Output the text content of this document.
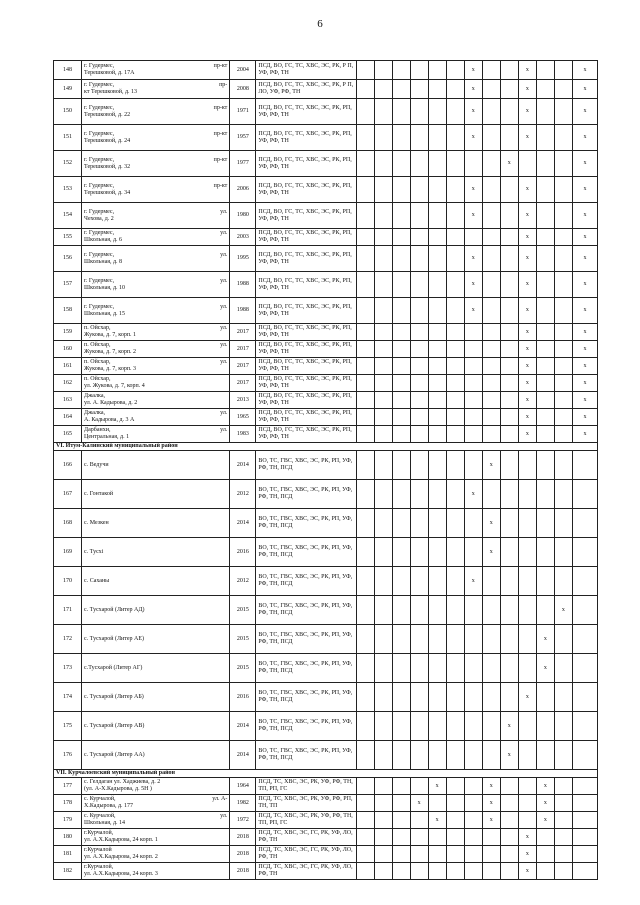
6
148	г. Гудермес, пр-кт
Терешковой, д. 17А	2004	ПСД, ВО, ГС, ТС, ХВС, ЭС, РК, Р П, УФ, РФ, ТН							x			x			x
149	г. Гудермес, пр-
кт Терешковой, д. 13	2008	ПСД, ВО, ГС, ТС, ХВС, ЭС, РК, Р П, ЛО, УФ, РФ, ТН							x			x			x
150	г. Гудермес, пр-кт
Терешковой, д. 22	1971	ПСД, ВО, ГС, ТС, ХВС, ЭС, РК, РП, УФ, РФ, ТН							x			x			x
151	г. Гудермес, пр-кт
Терешковой, д. 24	1957	ПСД, ВО, ГС, ТС, ХВС, ЭС, РК, РП, УФ, РФ, ТН							x			x			x
152	г. Гудермес, пр-кт
Терешковой, д. 32	1977	ПСД, ВО, ГС, ТС, ХВС, ЭС, РК, РП, УФ, РФ, ТН									x				x
153	г. Гудермес, пр-кт
Терешковой, д. 34	2006	ПСД, ВО, ГС, ТС, ХВС, ЭС, РК, РП, УФ, РФ, ТН							x			x			x
154	г. Гудермес, ул.
Чехова, д. 2	1980	ПСД, ВО, ГС, ТС, ХВС, ЭС, РК, РП, УФ, РФ, ТН							x			x			x
155	г. Гудермес, ул.
Школьная, д. 6	2003	ПСД, ВО, ГС, ТС, ХВС, ЭС, РК, РП, УФ, РФ, ТН										x			x
156	г. Гудермес, ул.
Школьная, д. 8	1995	ПСД, ВО, ГС, ТС, ХВС, ЭС, РК, РП, УФ, РФ, ТН							x			x			x
157	г. Гудермес, ул.
Школьная, д. 10	1988	ПСД, ВО, ГС, ТС, ХВС, ЭС, РК, РП, УФ, РФ, ТН							x			x			x
158	г. Гудермес, ул.
Школьная, д. 15	1988	ПСД, ВО, ГС, ТС, ХВС, ЭС, РК, РП, УФ, РФ, ТН							x			x			x
159	п. Ойсхар, ул.
Жукова, д. 7, корп. 1	2017	ПСД, ВО, ГС, ТС, ХВС, ЭС, РК, РП, УФ, РФ, ТН										x			x
160	п. Ойсхар, ул.
Жукова, д. 7, корп. 2	2017	ПСД, ВО, ГС, ТС, ХВС, ЭС, РК, РП, УФ, РФ, ТН										x			x
161	п. Ойсхар, ул.
Жукова, д. 7, корп. 3	2017	ПСД, ВО, ГС, ТС, ХВС, ЭС, РК, РП, УФ, РФ, ТН										x			x
162	п. Ойсхар,
ул. Жукова, д. 7, корп. 4	2017	ПСД, ВО, ГС, ТС, ХВС, ЭС, РК, РП, УФ, РФ, ТН										x			x
163	Джалка,
ул. А. Кадырова, д. 2	2013	ПСД, ВО, ГС, ТС, ХВС, ЭС, РК, РП, УФ, РФ, ТН										x			x
164	Джалка, ул.
А. Кадырова, д. 3 А	1965	ПСД, ВО, ГС, ТС, ХВС, ЭС, РК, РП, УФ, РФ, ТН										x			x
165	Дарбанхи, ул.
Центральная, д. 1	1983	ПСД, ВО, ГС, ТС, ХВС, ЭС, РК, РП, УФ, РФ, ТН										x			x
VI. Итум-Калинский муниципальный район																
166	с. Ведучи	2014	ВО, ТС, ГВС, ХВС, ЭС, РК, РП, УФ, РФ, ТН, ПСД								x					
167	с. Гонтакой	2012	ВО, ТС, ГВС, ХВС, ЭС, РК, РП, УФ, РФ, ТН, ПСД							x						
168	с. Мезкен	2014	ВО, ТС, ГВС, ХВС, ЭС, РК, РП, УФ, РФ, ТН, ПСД								x					
169	с. Тусхі	2016	ВО, ТС, ГВС, ХВС, ЭС, РК, РП, УФ, РФ, ТН, ПСД								x					
170	с. Саханы	2012	ВО, ТС, ГВС, ХВС, ЭС, РК, РП, УФ, РФ, ТН, ПСД							x						
171	с. Тусхарой (Литер АД)	2015	ВО, ТС, ГВС, ХВС, ЭС, РК, РП, УФ, РФ, ТН, ПСД												x	
172	с. Тусхарой (Литер АЕ)	2015	ВО, ТС, ГВС, ХВС, ЭС, РК, РП, УФ, РФ, ТН, ПСД											x		
173	с.Тусхарой (Литер АГ)	2015	ВО, ТС, ГВС, ХВС, ЭС, РК, РП, УФ, РФ, ТН, ПСД											x		
174	с. Тусхарой (Литер АБ)	2016	ВО, ТС, ГВС, ХВС, ЭС, РК, РП, УФ, РФ, ТН, ПСД										x			
175	с. Тусхарой (Литер АВ)	2014	ВО, ТС, ГВС, ХВС, ЭС, РК, РП, УФ, РФ, ТН, ПСД									x				
176	с. Тусхарой (Литер АА)	2014	ВО, ТС, ГВС, ХВС, ЭС, РК, РП, УФ, РФ, ТН, ПСД									x				
VII. Курчалоевский муниципальный район																
177	с. Гелдаган ул. Хаджиева, д. 2
(ул. А-Х.Кадырова, д. 5Н )	1964	ПСД, ТС, ХВС, ЭС, РК, УФ, РФ, ТН, ТП, РП, ГС					x			x			x		
178	с. Курчалой, ул. А-
Х.Кадырова, д. 177	1982	ПСД, ТС, ХВС, ЭС, РК, УФ, РФ, РП, ТН, ТП				x				x			x		
179	с. Курчалой, ул.
Школьная, д. 14	1972	ПСД, ТС, ХВС, ЭС, РК, УФ, РФ, ТН, ТП, РП, ГС					x			x			x		
180	г.Курчалой,
ул. А.Х.Кадырова, 24 корп. 1	2018	ПСД, ТС, ХВС, ЭС, ГС, РК, УФ, ЛО, РФ, ТН										x			
181	г.Курчалой
ул. А.Х.Кадырова, 24 корп. 2	2018	ПСД, ТС, ХВС, ЭС, ГС, РК, УФ, ЛО, РФ, ТН										x			
182	г.Курчалой,
ул. А.Х.Кадырова, 24 корп. 3	2018	ПСД, ТС, ХВС, ЭС, ГС, РК, УФ, ЛО, РФ, ТН										x			
